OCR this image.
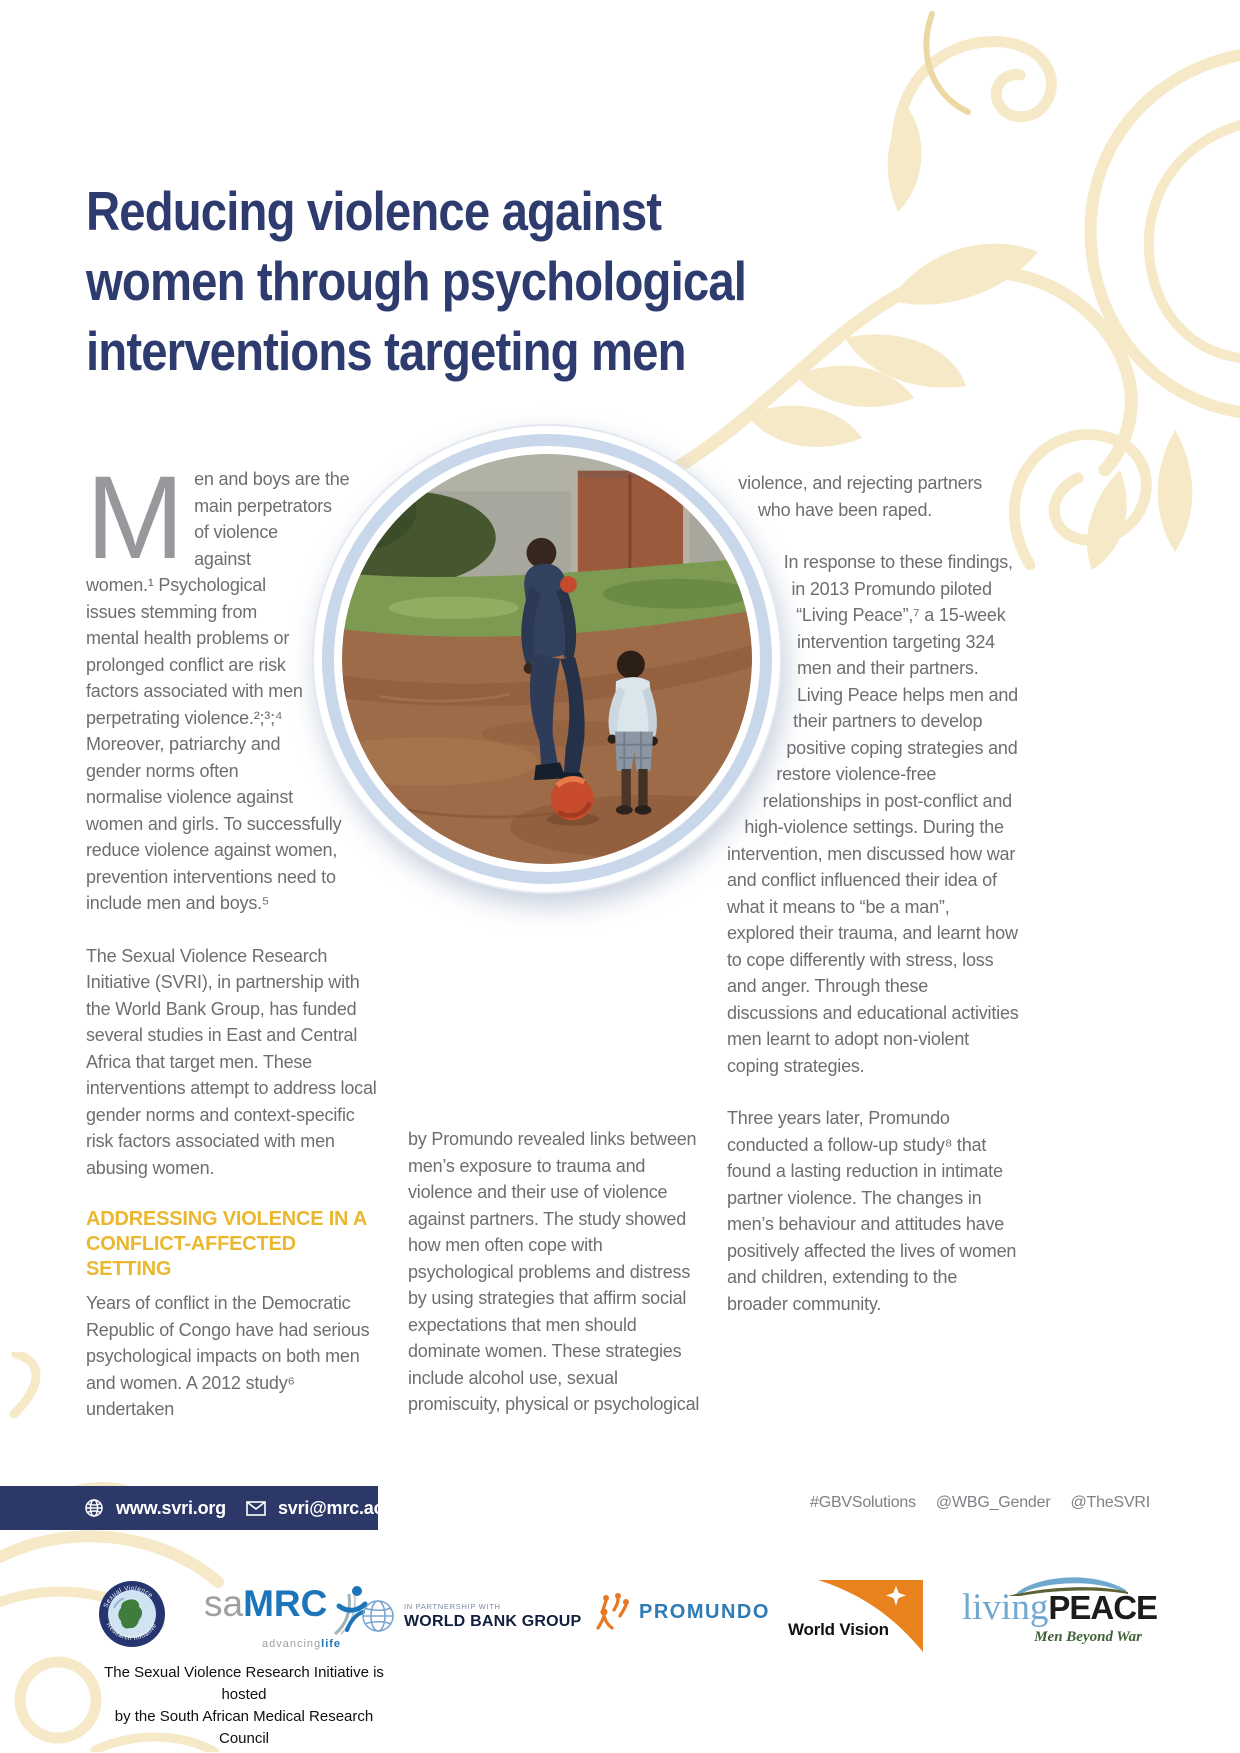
Reducing violence against
women through psychological
interventions targeting men

Men and boys are the main perpetrators of violence against women.¹ Psychological issues stemming from mental health problems or prolonged conflict are risk factors associated with men perpetrating violence.²;³;⁴ Moreover, patriarchy and gender norms often normalise violence against women and girls. To successfully reduce violence against women, prevention interventions need to include men and boys.⁵

The Sexual Violence Research Initiative (SVRI), in partnership with the World Bank Group, has funded several studies in East and Central Africa that target men. These interventions attempt to address local gender norms and context-specific risk factors associated with men abusing women.

ADDRESSING VIOLENCE IN A CONFLICT-AFFECTED SETTING

Years of conflict in the Democratic Republic of Congo have had serious psychological impacts on both men and women. A 2012 study⁶ undertaken

by Promundo revealed links between men’s exposure to trauma and violence and their use of violence against partners. The study showed how men often cope with psychological problems and distress by using strategies that affirm social expectations that men should dominate women. These strategies include alcohol use, sexual promiscuity, physical or psychological

violence, and rejecting partners who have been raped.

In response to these findings, in 2013 Promundo piloted “Living Peace”,⁷ a 15-week intervention targeting 324 men and their partners. Living Peace helps men and their partners to develop positive coping strategies and restore violence-free relationships in post-conflict and high-violence settings. During the intervention, men discussed how war and conflict influenced their idea of what it means to “be a man”, explored their trauma, and learnt how to cope differently with stress, loss and anger. Through these discussions and educational activities men learnt to adopt non-violent coping strategies.

Three years later, Promundo conducted a follow-up study⁸ that found a lasting reduction in intimate partner violence. The changes in men’s behaviour and attitudes have positively affected the lives of women and children, extending to the broader community.

www.svri.org	svri@mrc.ac.za	#GBVSolutions @WBG_Gender @TheSVRI
Sexual Violence
Research Initiative
sa MRC
advancinglife
IN PARTNERSHIP WITH
WORLD BANK GROUP	PROMUNDO
World Vision
livingPEACE
Men Beyond War
The Sexual Violence Research Initiative is hosted
by the South African Medical Research Council
